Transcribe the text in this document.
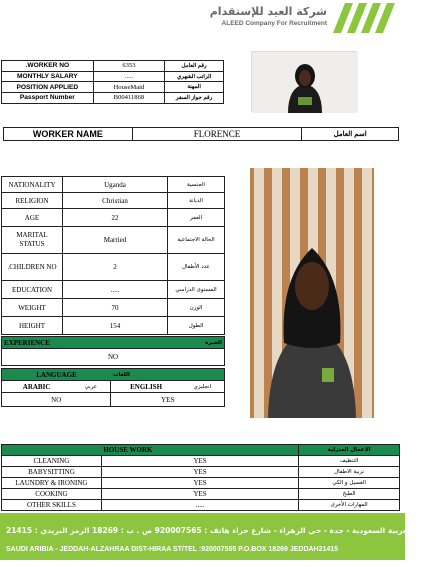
شركة العيد للإستقدام
ALEED Company For Recruitment
.WORKER NO	6353	رقم العامل
MONTHLY SALARY	.....	الراتب الشهري
POSITION APPLIED	HouseMaid	المهنة
Passport Number	B00411868	رقم جواز السفر
WORKER NAME	FLORENCE	اسم العامل
NATIONALITY	Uganda	الجنسية
RELIGION	Christian	الديانة
AGE	22	العمر
MARITAL STATUS	Married	الحالة الاجتماعية
.CHILDREN NO	2	عدد الأطفال
EDUCATION	.....	المستوى الدراسي
WEIGHT	70	الوزن
HEIGHT	154	الطول
EXPERIENCE	الخبرة
NO
LANGUAGE		اللغات	
ARABIC	عربي	ENGLISH	انجليزي
NO		YES	
	HOUSE WORK	الاعمال المنزلية
CLEANING	YES	التنظيف
BABYSITTING	YES	تربية الاطفال
LAUNDRY & IRONING	YES	الغسيل و الكي
COOKING	YES	الطبخ
OTHER SKILLS	.....	المهارات الأخرى
المملكة العربية السعودية - جدة - حي الزهراء - شارع حراء هاتف : 920007565 ص . ب : 18269 الرمز البريدي : 21415
SAUDI ARIBIA - JEDDAH-ALZAHRAA DIST-HIRAA ST/TEL :920007565 P.O.BOX 18269 JEDDAH21415
